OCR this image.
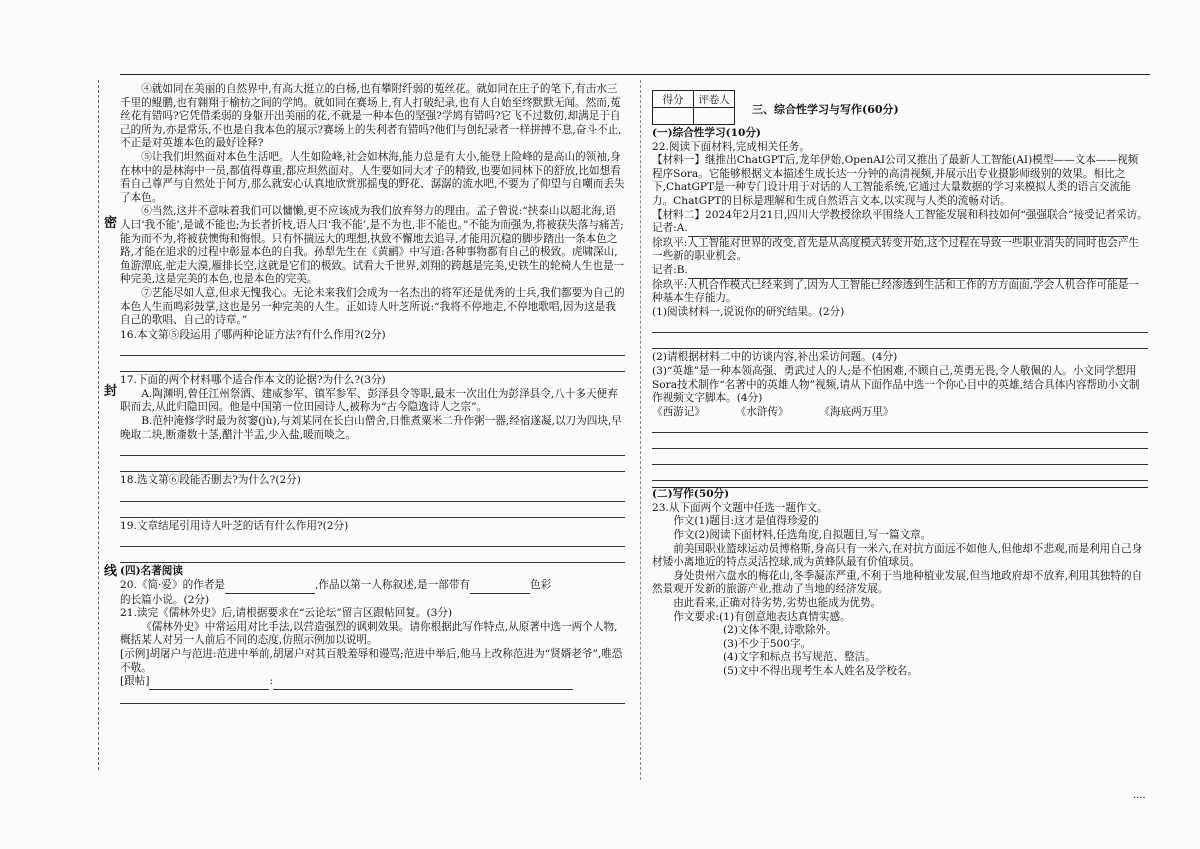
密
封
线

④就如同在美丽的自然界中,有高大挺立的白杨,也有攀附纤弱的菟丝花。就如同在庄子的笔下,有击水三千里的鲲鹏,也有翱翔于榆枋之间的学鸠。就如同在赛场上,有人打破纪录,也有人自始至终默默无闻。然而,菟丝花有错吗?它凭借柔弱的身躯开出美丽的花,不就是一种本色的坚强?学鸠有错吗?它飞不过数仞,却满足于自己的所为,亦是常乐,不也是自我本色的展示?赛场上的失利者有错吗?他们与创纪录者一样拼搏不息,奋斗不止,不正是对英雄本色的最好诠释?

⑤让我们坦然面对本色生活吧。人生如险峰,社会如林海,能力总是有大小,能登上险峰的是高山的领袖,身在林中的是林海中一员,都值得尊重,都应坦然面对。人生要如同大才子的精致,也要如同林下的舒放,比如想看看自己尊严与自然处于何方,那么就安心认真地欣赏那摇曳的野花、潺潺的流水吧,不要为了仰望与自嘲而丢失了本色。

⑥当然,这并不意味着我们可以慵懒,更不应该成为我们放弃努力的理由。孟子曾说:“挟泰山以超北海,语人曰‘我不能’,是诚不能也;为长者折枝,语人曰‘我不能’,是不为也,非不能也。”不能为而强为,将被获失落与痛苦;能为而不为,将被获懊悔和悔恨。只有怀揣远大的理想,执致不懈地去追寻,才能用沉稳的脚步踏出一条本色之路,才能在追求的过程中彰显本色的自我。孙犁先生在《黄鹂》中写道:各种事物都有自己的极致。虎啸深山,鱼游潭底,驼走大漠,雁排长空,这就是它们的极致。试看大千世界,刘翔的跨越是完美,史铁生的轮椅人生也是一种完美,这是完美的本色,也是本色的完美。

⑦艺能尽如人意,但求无愧我心。无论未来我们会成为一名杰出的将军还是优秀的士兵,我们都要为自己的本色人生而鸣彩鼓掌,这也是另一种完美的人生。正如诗人叶芝所说:“我将不停地走,不停地歌唱,因为这是我自己的歌唱、自己的诗章。”

16.本文第⑤段运用了哪两种论证方法?有什么作用?(2分)

17.下面的两个材料哪个适合作本文的论据?为什么?(3分)

A.陶渊明,曾任江州祭酒、建威参军、镇军参军、彭泽县令等职,最末一次出仕为彭泽县令,八十多天便弃职而去,从此归隐田园。他是中国第一位田园诗人,被称为“古今隐逸诗人之宗”。

B.范仲淹修学时最为贫窭(jù),与刘某同在长白山僧舍,日惟煮粟米二升作粥一器,经宿遂凝,以刀为四块,早晚取二块,断齑数十茎,醋汁半盂,少入盐,暖而啖之。

18.选文第⑥段能否删去?为什么?(2分)

19.文章结尾引用诗人叶芝的话有什么作用?(2分)

(四)名著阅读

20.《简·爱》的作者是	,作品以第一人称叙述,是一部带有	色彩

的长篇小说。(2分)

21.读完《儒林外史》后,请根据要求在“云论坛”留言区跟帖回复。(3分)

《儒林外史》中常运用对比手法,以营造强烈的讽刺效果。请你根据此写作特点,从原著中选一两个人物,概括某人对另一人前后不同的态度,仿照示例加以说明。

[示例]胡屠户与范进:范进中举前,胡屠户对其百般羞辱和谩骂;范进中举后,他马上改称范进为“贤婿老爷”,唯恐不敬。

[跟帖]	:

得分	评卷人

三、综合性学习与写作(60分)

(一)综合性学习(10分)

22.阅读下面材料,完成相关任务。

【材料一】继推出ChatGPT后,龙年伊始,OpenAI公司又推出了最新人工智能(AI)模型——文本——视频程序Sora。它能够根据文本描述生成长达一分钟的高清视频,并展示出专业摄影师级别的效果。相比之下,ChatGPT是一种专门设计用于对话的人工智能系统,它通过大量数据的学习来模拟人类的语言交流能力。ChatGPT的目标是理解和生成自然语言文本,以实现与人类的流畅对话。

【材料二】2024年2月21日,四川大学教授徐玖平围绕人工智能发展和科技如何“强强联合”接受记者采访。

记者:A.

徐玖平:人工智能对世界的改变,首先是从高度模式转变开始,这个过程在导致一些职业消失的同时也会产生一些新的职业机会。

记者:B.

徐玖平:人机合作模式已经来到了,因为人工智能已经渗透到生活和工作的方方面面,学会人机合作可能是一种基本生存能力。

(1)阅读材料一,说说你的研究结果。(2分)

(2)请根据材料二中的访谈内容,补出采访问题。(4分)

(3)“英雄”是一种本领高强、勇武过人的人;是不怕困难,不顾自己,英勇无畏,令人敬佩的人。小文同学想用Sora技术制作“名著中的英雄人物”视频,请从下面作品中选一个你心目中的英雄,结合具体内容帮助小文制作视频文字脚本。(4分)

《西游记》	《水浒传》	《海底两万里》

(二)写作(50分)

23.从下面两个文题中任选一题作文。

作文(1)题目:这才是值得珍爱的

作文(2)阅读下面材料,任选角度,自拟题目,写一篇文章。

前美国职业篮球运动员博格斯,身高只有一米六,在对抗方面远不如他人,但他却不悲观,而是利用自己身材矮小离地近的特点灵活控球,成为黄蜂队最有价值球员。

身处贵州六盘水的梅花山,冬季凝冻严重,不利于当地种植业发展,但当地政府却不放弃,利用其独特的自然景观开发新的旅游产业,推动了当地的经济发展。

由此看来,正确对待劣势,劣势也能成为优势。

作文要求:(1)有创意地表达真情实感。

(2)文体不限,诗歌除外。

(3)不少于500字。

(4)文字和标点书写规范、整洁。

(5)文中不得出现考生本人姓名及学校名。

····
